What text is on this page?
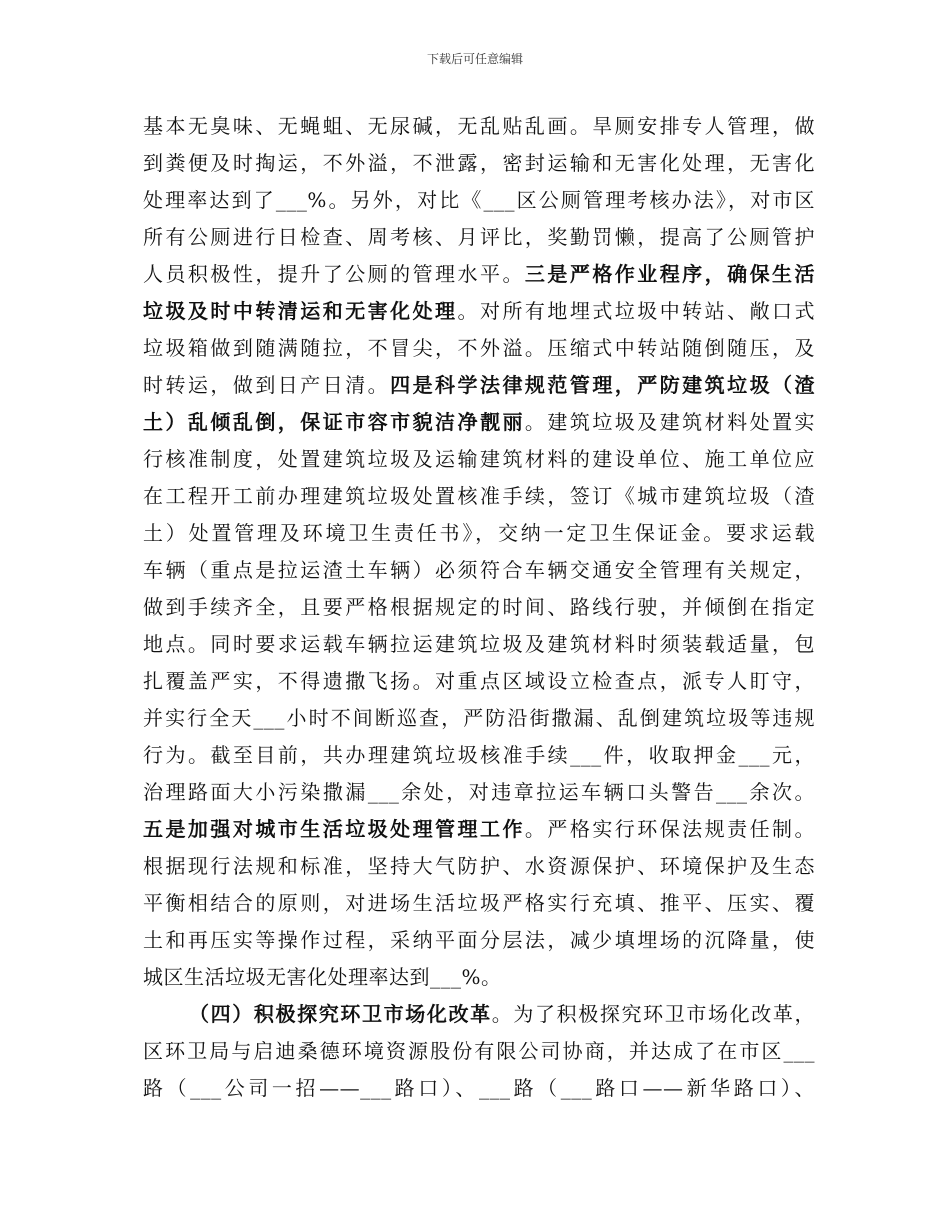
下载后可任意编辑
基本无臭味、无蝇蛆、无尿碱，无乱贴乱画。旱厕安排专人管理，做
到粪便及时掏运，不外溢，不泄露，密封运输和无害化处理，无害化
处理率达到了___%。另外，对比《___区公厕管理考核办法》，对市区
所有公厕进行日检查、周考核、月评比，奖勤罚懒，提高了公厕管护
人员积极性，提升了公厕的管理水平。三是严格作业程序，确保生活
垃圾及时中转清运和无害化处理。对所有地埋式垃圾中转站、敞口式
垃圾箱做到随满随拉，不冒尖，不外溢。压缩式中转站随倒随压，及
时转运，做到日产日清。四是科学法律规范管理，严防建筑垃圾（渣
土）乱倾乱倒，保证市容市貌洁净靓丽。建筑垃圾及建筑材料处置实
行核准制度，处置建筑垃圾及运输建筑材料的建设单位、施工单位应
在工程开工前办理建筑垃圾处置核准手续，签订《城市建筑垃圾（渣
土）处置管理及环境卫生责任书》，交纳一定卫生保证金。要求运载
车辆（重点是拉运渣土车辆）必须符合车辆交通安全管理有关规定，
做到手续齐全，且要严格根据规定的时间、路线行驶，并倾倒在指定
地点。同时要求运载车辆拉运建筑垃圾及建筑材料时须装载适量，包
扎覆盖严实，不得遗撒飞扬。对重点区域设立检查点，派专人盯守，
并实行全天___小时不间断巡查，严防沿街撒漏、乱倒建筑垃圾等违规
行为。截至目前，共办理建筑垃圾核准手续___件，收取押金___元，
治理路面大小污染撒漏___余处，对违章拉运车辆口头警告___余次。
五是加强对城市生活垃圾处理管理工作。严格实行环保法规责任制。
根据现行法规和标准，坚持大气防护、水资源保护、环境保护及生态
平衡相结合的原则，对进场生活垃圾严格实行充填、推平、压实、覆
土和再压实等操作过程，采纳平面分层法，减少填埋场的沉降量，使
城区生活垃圾无害化处理率达到___%。
（四）积极探究环卫市场化改革。为了积极探究环卫市场化改革，
区环卫局与启迪桑德环境资源股份有限公司协商，并达成了在市区___
路（___公司一招——___路口）、___路（___路口——新华路口）、
